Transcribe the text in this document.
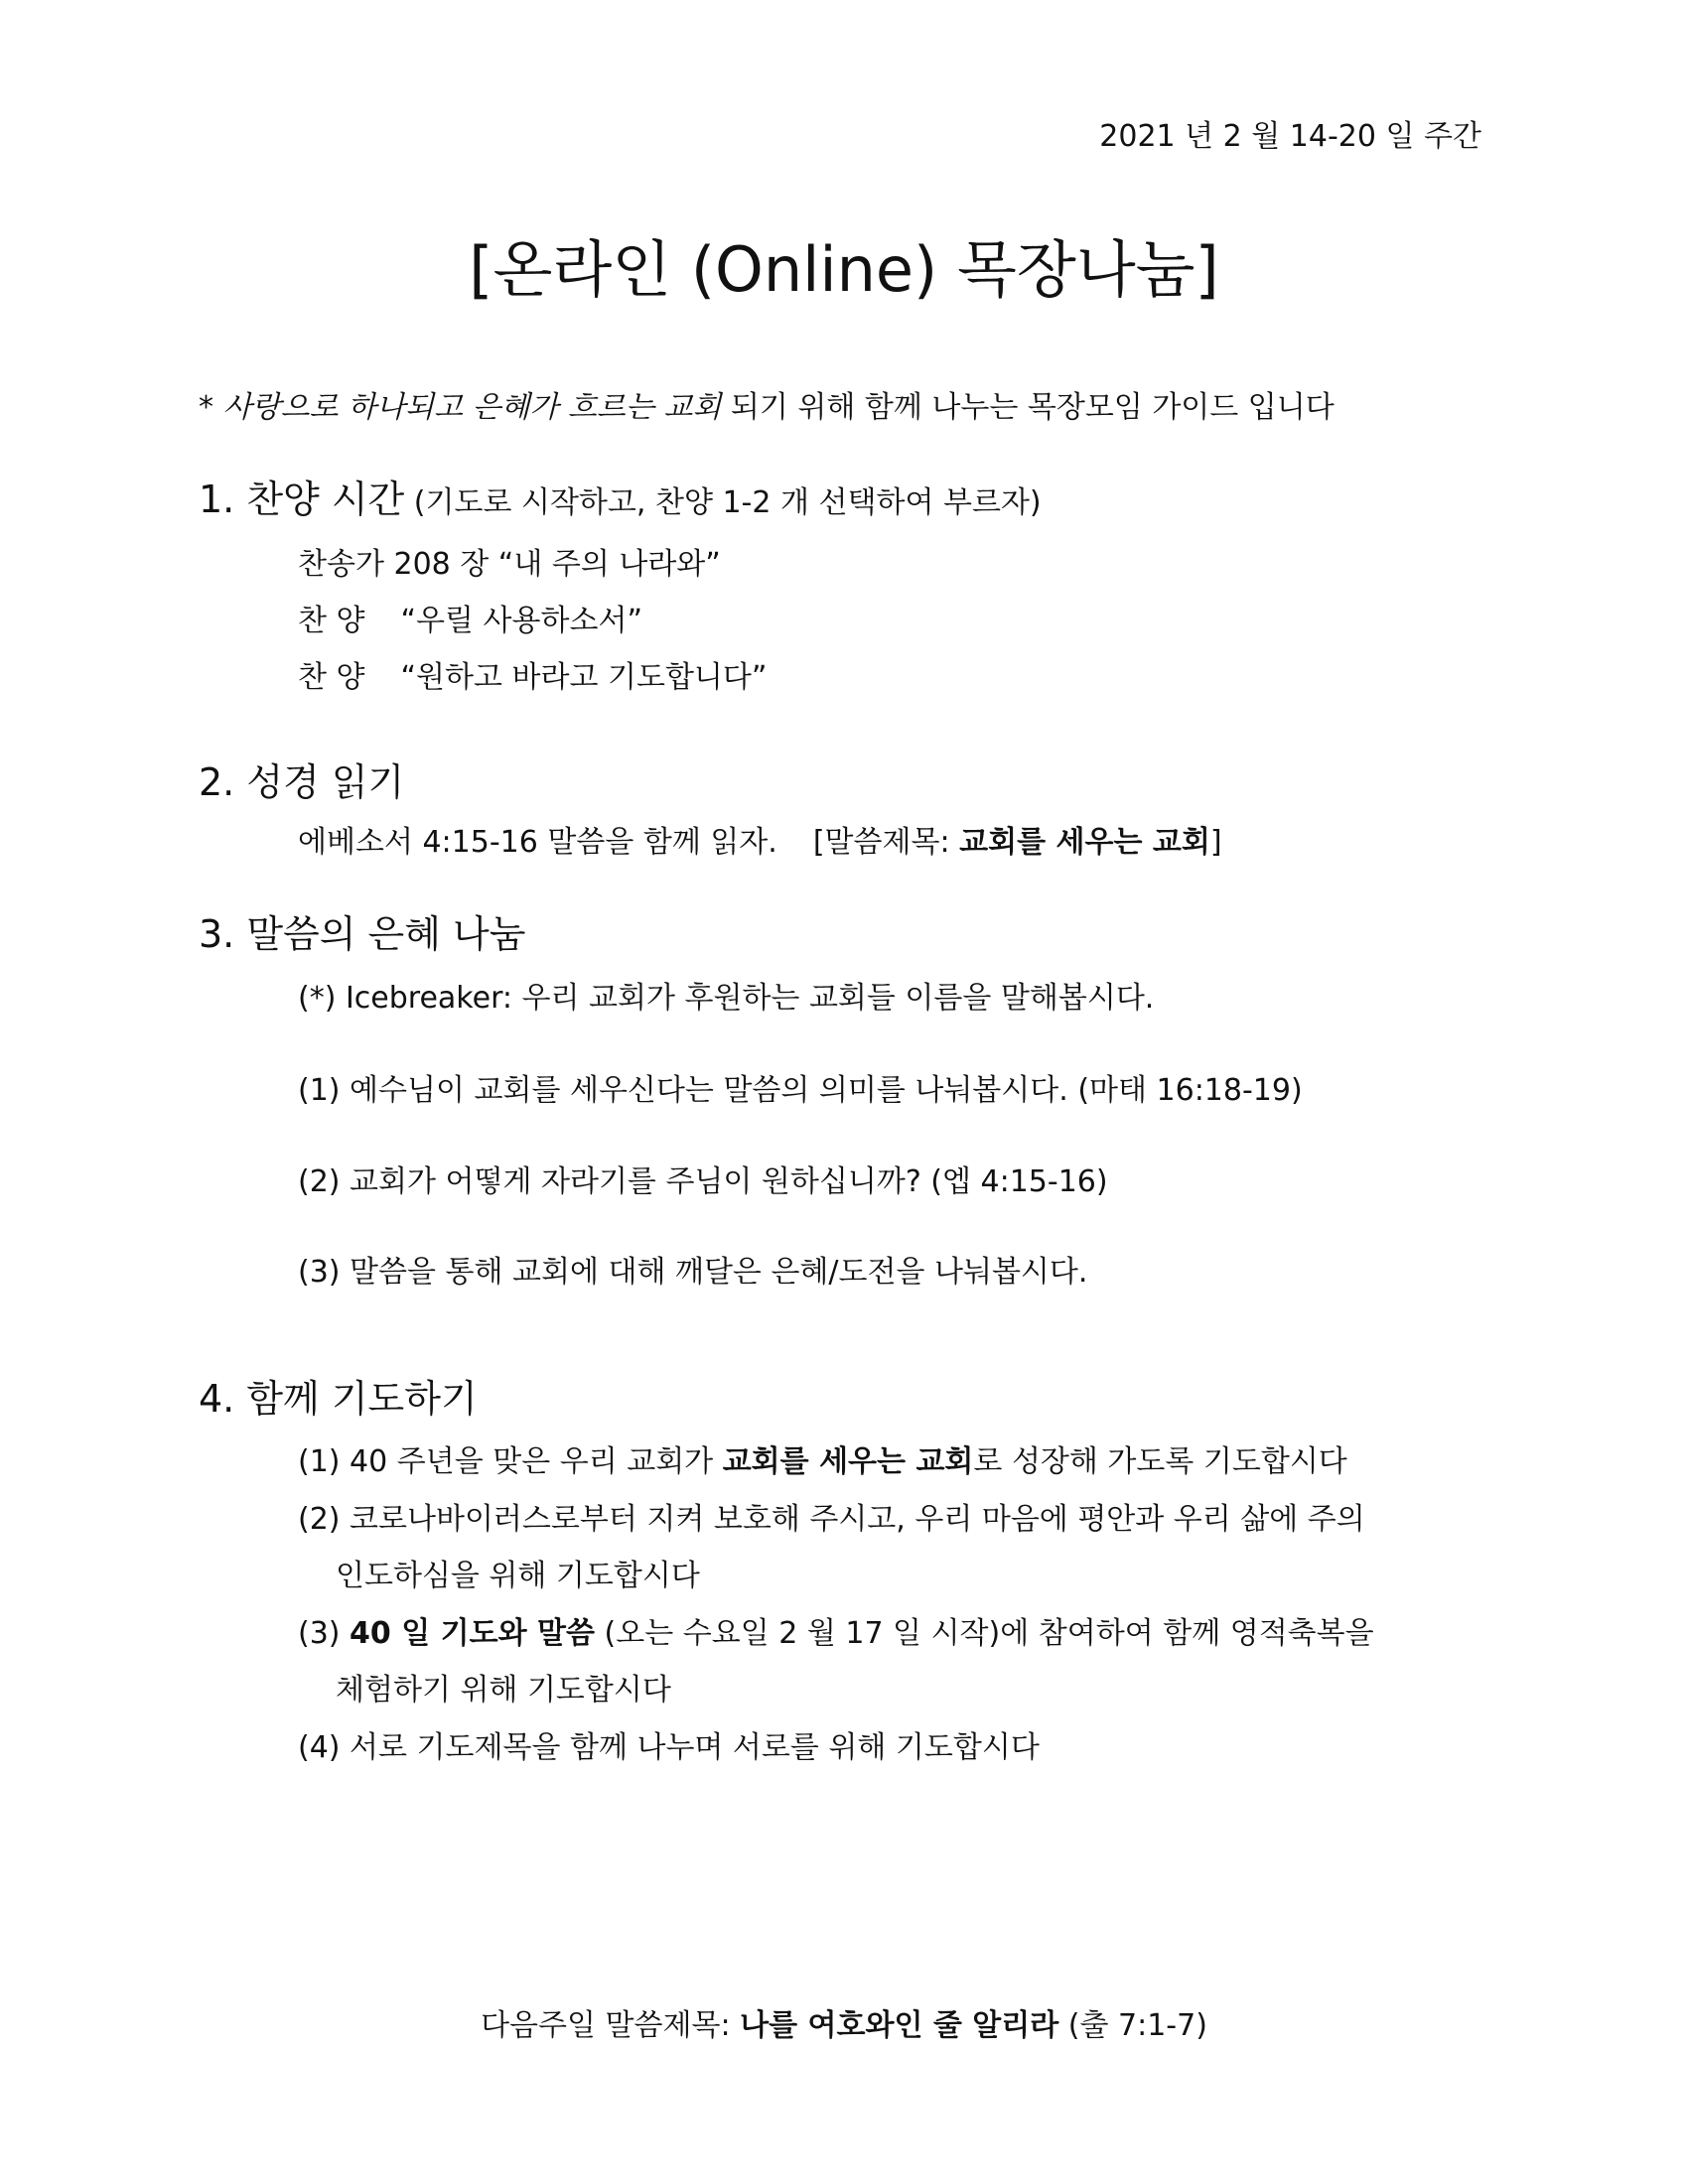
2021 년 2 월 14-20 일 주간
[온라인 (Online) 목장나눔]
* 사랑으로 하나되고 은혜가 흐르는 교회 되기 위해 함께 나누는 목장모임 가이드 입니다
1. 찬양 시간 (기도로 시작하고, 찬양 1-2 개 선택하여 부르자)
찬송가 208 장 “내 주의 나라와”
찬 양 “우릴 사용하소서”
찬 양 “원하고 바라고 기도합니다”
2. 성경 읽기
에베소서 4:15-16 말씀을 함께 읽자. [말씀제목: 교회를 세우는 교회]
3. 말씀의 은혜 나눔
(*) Icebreaker: 우리 교회가 후원하는 교회들 이름을 말해봅시다.
(1) 예수님이 교회를 세우신다는 말씀의 의미를 나눠봅시다. (마태 16:18-19)
(2) 교회가 어떻게 자라기를 주님이 원하십니까? (엡 4:15-16)
(3) 말씀을 통해 교회에 대해 깨달은 은혜/도전을 나눠봅시다.
4. 함께 기도하기
(1) 40 주년을 맞은 우리 교회가 교회를 세우는 교회로 성장해 가도록 기도합시다
(2) 코로나바이러스로부터 지켜 보호해 주시고, 우리 마음에 평안과 우리 삶에 주의
인도하심을 위해 기도합시다
(3) 40 일 기도와 말씀 (오는 수요일 2 월 17 일 시작)에 참여하여 함께 영적축복을
체험하기 위해 기도합시다
(4) 서로 기도제목을 함께 나누며 서로를 위해 기도합시다
다음주일 말씀제목: 나를 여호와인 줄 알리라 (출 7:1-7)
